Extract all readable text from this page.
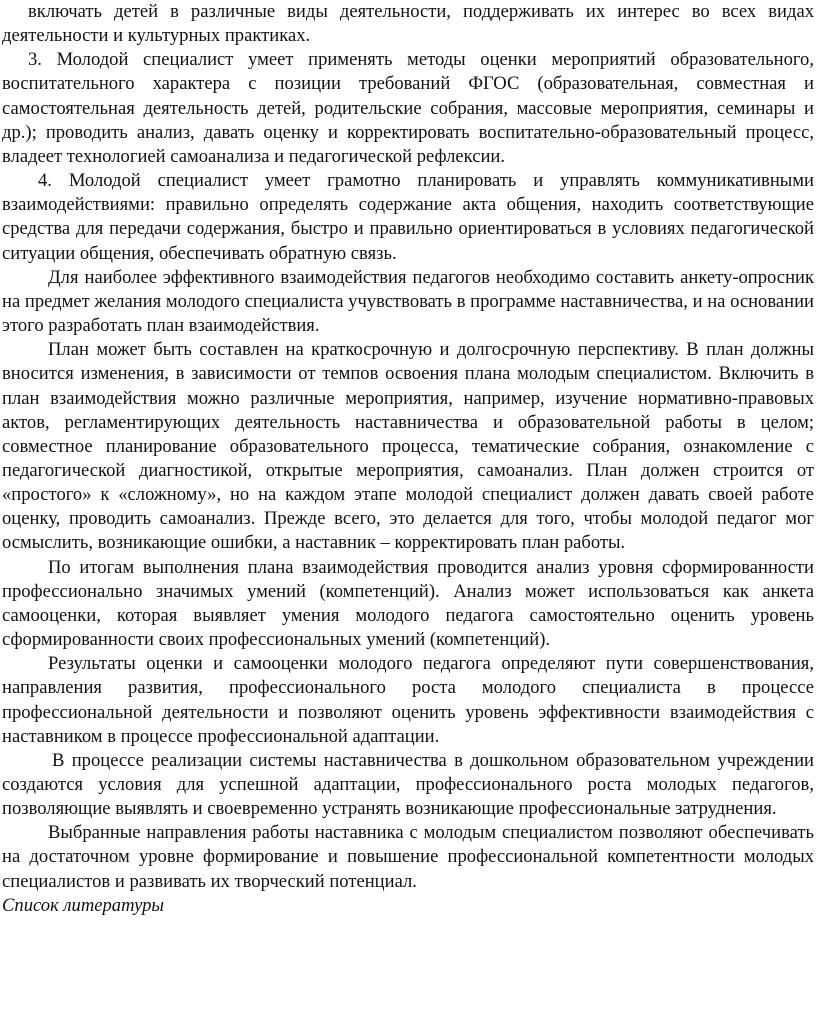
включать детей в различные виды деятельности, поддерживать их интерес во всех видах деятельности и культурных практиках.

3. Молодой специалист умеет применять методы оценки мероприятий образовательного, воспитательного характера с позиции требований ФГОС (образовательная, совместная и самостоятельная деятельность детей, родительские собрания, массовые мероприятия, семинары и др.); проводить анализ, давать оценку и корректировать воспитательно-образовательный процесс, владеет технологией самоанализа и педагогической рефлексии.

4. Молодой специалист умеет грамотно планировать и управлять коммуникативными взаимодействиями: правильно определять содержание акта общения, находить соответствующие средства для передачи содержания, быстро и правильно ориентироваться в условиях педагогической ситуации общения, обеспечивать обратную связь.

Для наиболее эффективного взаимодействия педагогов необходимо составить анкету-опросник на предмет желания молодого специалиста учувствовать в программе наставничества, и на основании этого разработать план взаимодействия.

План может быть составлен на краткосрочную и долгосрочную перспективу. В план должны вносится изменения, в зависимости от темпов освоения плана молодым специалистом. Включить в план взаимодействия можно различные мероприятия, например, изучение нормативно-правовых актов, регламентирующих деятельность наставничества и образовательной работы в целом; совместное планирование образовательного процесса, тематические собрания, ознакомление с педагогической диагностикой, открытые мероприятия, самоанализ. План должен строится от «простого» к «сложному», но на каждом этапе молодой специалист должен давать своей работе оценку, проводить самоанализ. Прежде всего, это делается для того, чтобы молодой педагог мог осмыслить, возникающие ошибки, а наставник – корректировать план работы.

По итогам выполнения плана взаимодействия проводится анализ уровня сформированности профессионально значимых умений (компетенций). Анализ может использоваться как анкета самооценки, которая выявляет умения молодого педагога самостоятельно оценить уровень сформированности своих профессиональных умений (компетенций).

Результаты оценки и самооценки молодого педагога определяют пути совершенствования, направления развития, профессионального роста молодого специалиста в процессе профессиональной деятельности и позволяют оценить уровень эффективности взаимодействия с наставником в процессе профессиональной адаптации.

В процессе реализации системы наставничества в дошкольном образовательном учреждении создаются условия для успешной адаптации, профессионального роста молодых педагогов, позволяющие выявлять и своевременно устранять возникающие профессиональные затруднения.

Выбранные направления работы наставника с молодым специалистом позволяют обеспечивать на достаточном уровне формирование и повышение профессиональной компетентности молодых специалистов и развивать их творческий потенциал.

Список литературы
